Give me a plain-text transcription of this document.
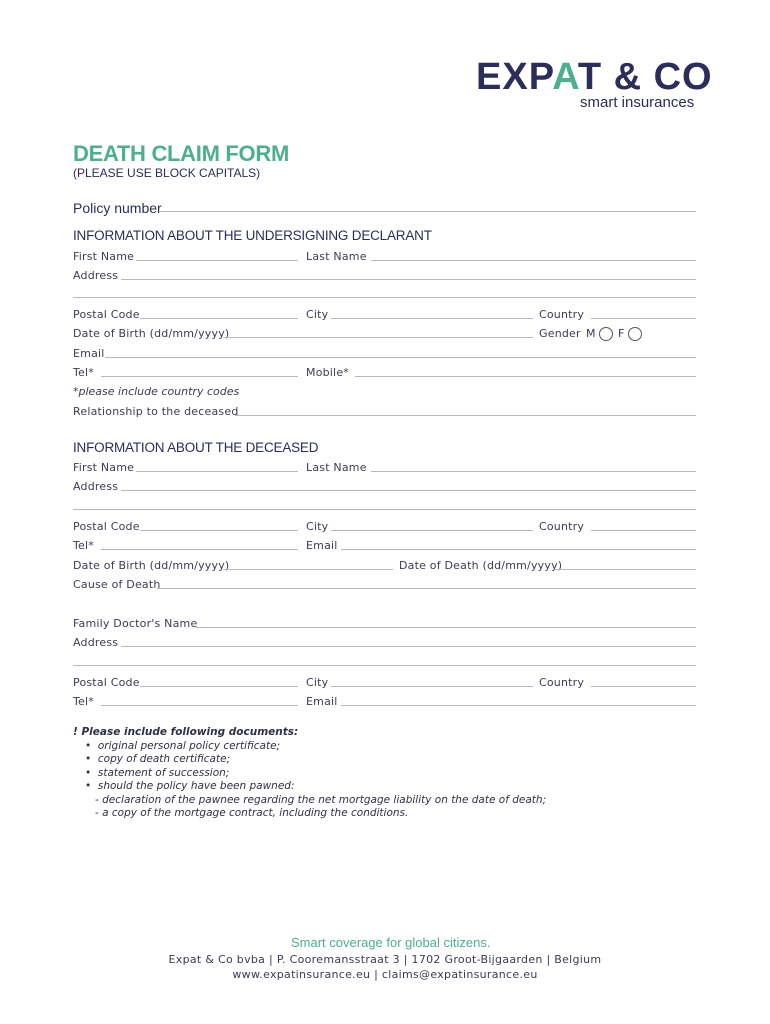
EXPAT & CO
smart insurances
DEATH CLAIM FORM
(PLEASE USE BLOCK CAPITALS)
Policy number
INFORMATION ABOUT THE UNDERSIGNING DECLARANT
First Name	Last Name
Address
Postal Code	City	Country
Date of Birth (dd/mm/yyyy)	Gender M F
Email
Tel*	Mobile*
*please include country codes
Relationship to the deceased
INFORMATION ABOUT THE DECEASED
First Name	Last Name
Address
Postal Code	City	Country
Tel*	Email
Date of Birth (dd/mm/yyyy)	Date of Death (dd/mm/yyyy)
Cause of Death
Family Doctor's Name
Address
Postal Code	City	Country
Tel*	Email
! Please include following documents:
•  original personal policy certificate;
•  copy of death certificate;
•  statement of succession;
•  should the policy have been pawned:
- declaration of the pawnee regarding the net mortgage liability on the date of death;
- a copy of the mortgage contract, including the conditions.
Smart coverage for global citizens.
Expat & Co bvba | P. Cooremansstraat 3 | 1702 Groot-Bijgaarden | Belgium
www.expatinsurance.eu | claims@expatinsurance.eu
